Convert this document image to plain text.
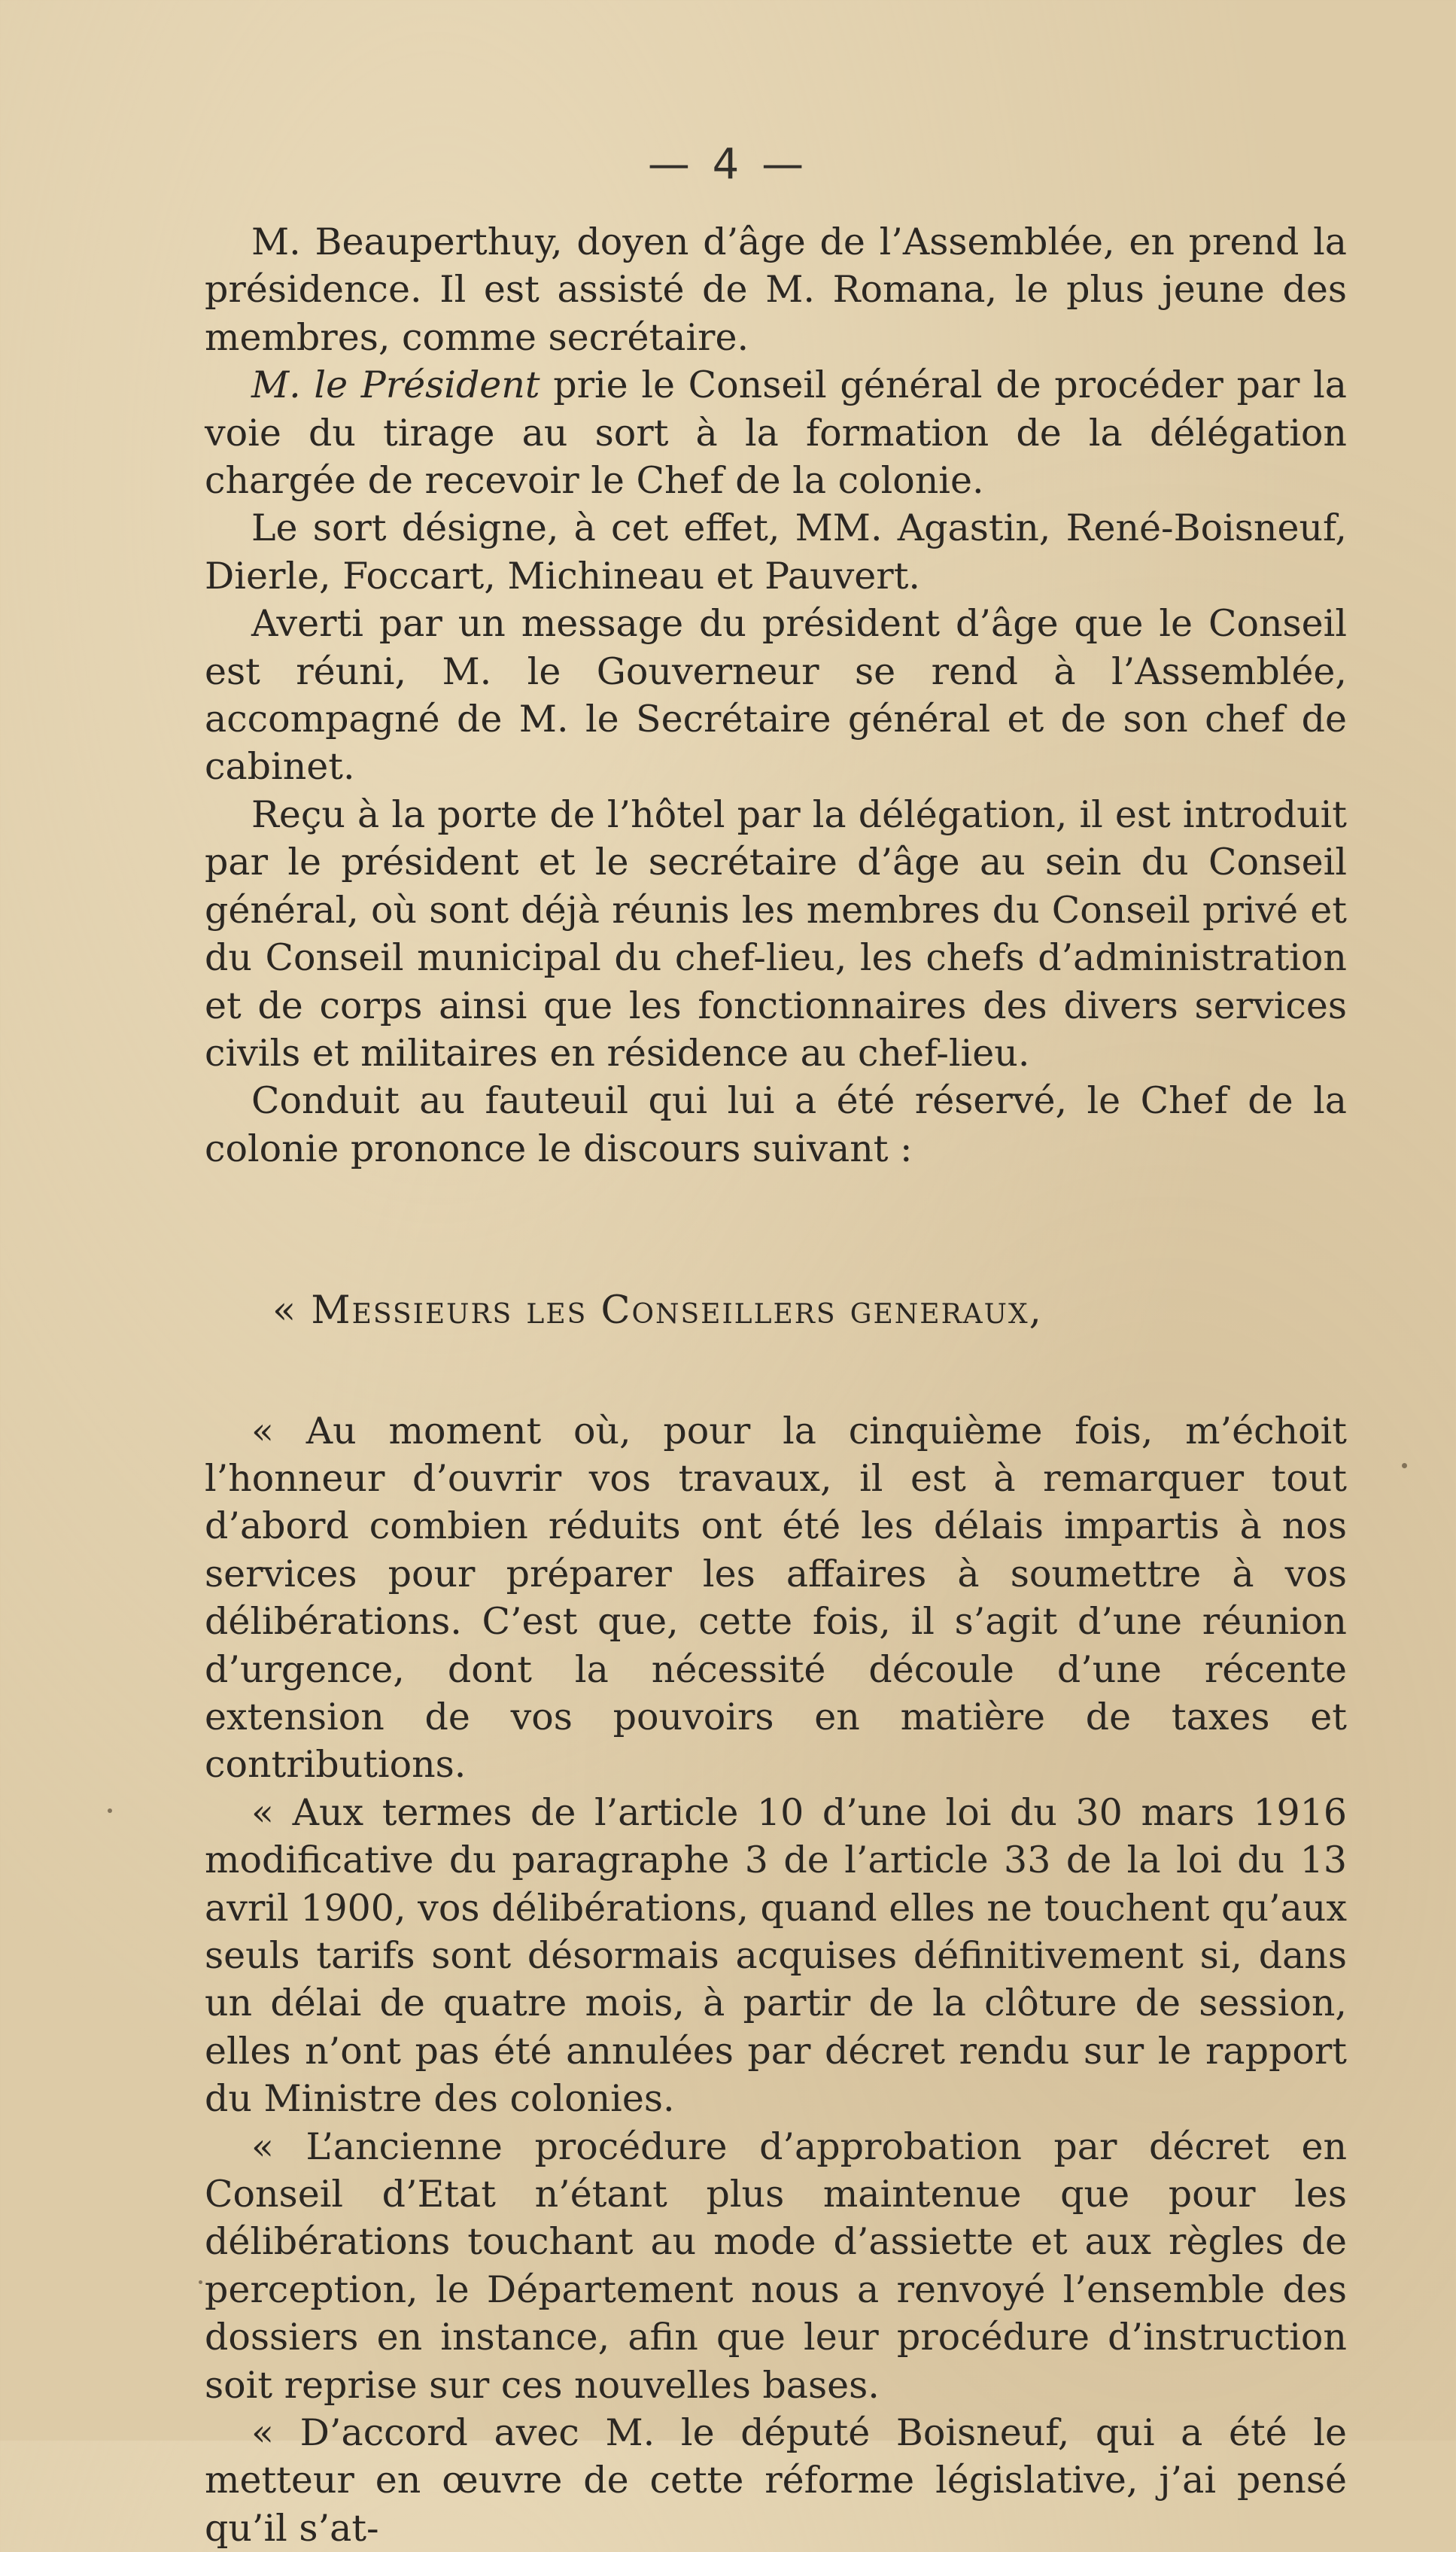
— 4 —

M. Beauperthuy, doyen d’âge de l’Assemblée, en prend la présidence. Il est assisté de M. Romana, le plus jeune des membres, comme secrétaire.

M. le Président prie le Conseil général de procéder par la voie du tirage au sort à la formation de la délégation chargée de recevoir le Chef de la colonie.

Le sort désigne, à cet effet, MM. Agastin, René-Boisneuf, Dierle, Foccart, Michineau et Pauvert.

Averti par un message du président d’âge que le Conseil est réuni, M. le Gouverneur se rend à l’Assemblée, accompagné de M. le Secrétaire général et de son chef de cabinet.

Reçu à la porte de l’hôtel par la délégation, il est introduit par le président et le secrétaire d’âge au sein du Conseil général, où sont déjà réunis les membres du Conseil privé et du Conseil municipal du chef-lieu, les chefs d’administration et de corps ainsi que les fonctionnaires des divers services civils et militaires en résidence au chef-lieu.

Conduit au fauteuil qui lui a été réservé, le Chef de la colonie prononce le discours suivant :

« Messieurs les Conseillers generaux,

« Au moment où, pour la cinquième fois, m’échoit l’honneur d’ouvrir vos travaux, il est à remarquer tout d’abord combien réduits ont été les délais impartis à nos services pour préparer les affaires à soumettre à vos délibérations. C’est que, cette fois, il s’agit d’une réunion d’urgence, dont la nécessité découle d’une récente extension de vos pouvoirs en matière de taxes et contributions.

« Aux termes de l’article 10 d’une loi du 30 mars 1916 modificative du paragraphe 3 de l’article 33 de la loi du 13 avril 1900, vos délibérations, quand elles ne touchent qu’aux seuls tarifs sont désormais acquises définitivement si, dans un délai de quatre mois, à partir de la clôture de session, elles n’ont pas été annulées par décret rendu sur le rapport du Ministre des colonies.

« L’ancienne procédure d’approbation par décret en Conseil d’Etat n’étant plus maintenue que pour les délibérations touchant au mode d’assiette et aux règles de perception, le Département nous a renvoyé l’ensemble des dossiers en instance, afin que leur procédure d’instruction soit reprise sur ces nouvelles bases.

« D’accord avec M. le député Boisneuf, qui a été le metteur en œuvre de cette réforme législative, j’ai pensé qu’il s’at-
